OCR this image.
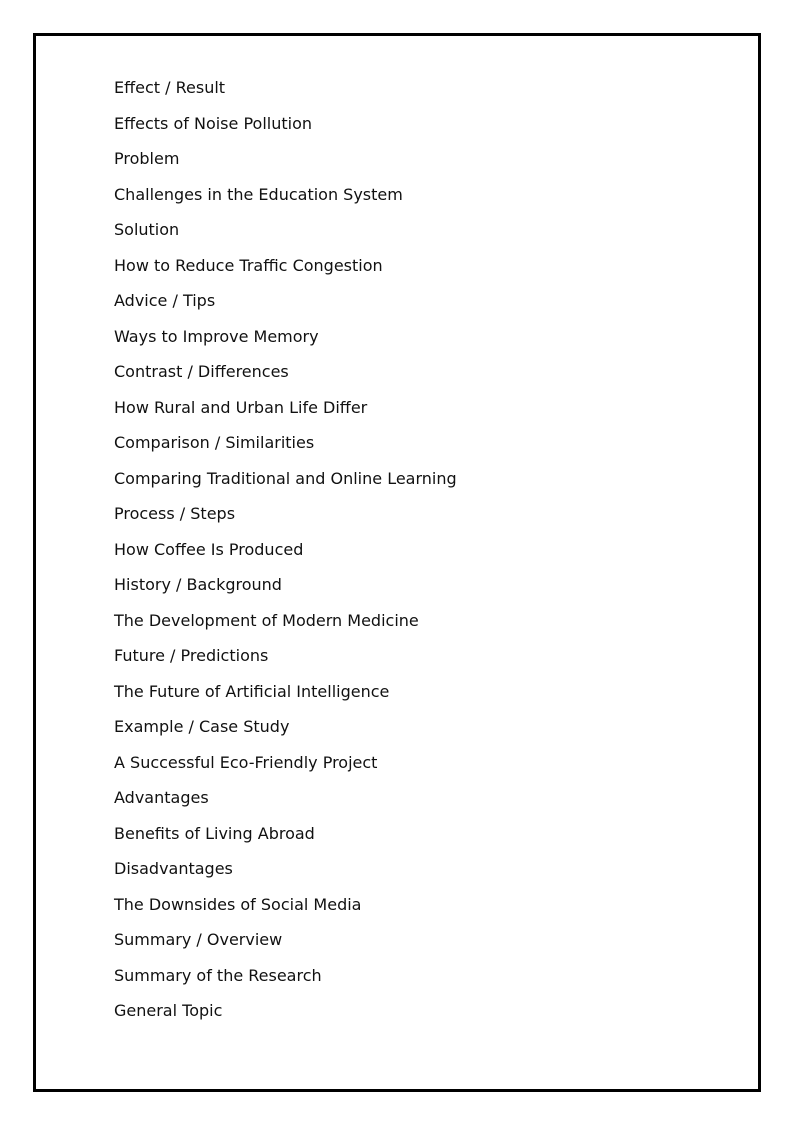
Effect / Result
Effects of Noise Pollution
Problem
Challenges in the Education System
Solution
How to Reduce Traffic Congestion
Advice / Tips
Ways to Improve Memory
Contrast / Differences
How Rural and Urban Life Differ
Comparison / Similarities
Comparing Traditional and Online Learning
Process / Steps
How Coffee Is Produced
History / Background
The Development of Modern Medicine
Future / Predictions
The Future of Artificial Intelligence
Example / Case Study
A Successful Eco-Friendly Project
Advantages
Benefits of Living Abroad
Disadvantages
The Downsides of Social Media
Summary / Overview
Summary of the Research
General Topic
